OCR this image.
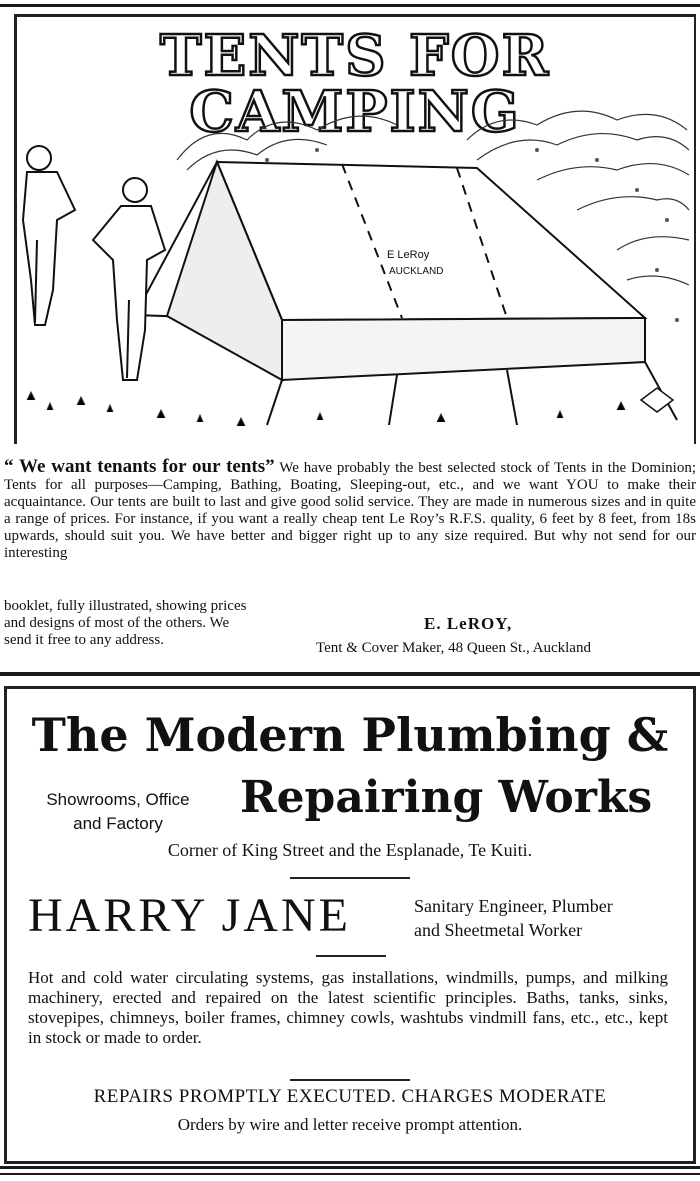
TENTS FOR CAMPING
E LeRoy
AUCKLAND

“ We want tenants for our tents” We have probably the best selected stock of Tents in the Dominion; Tents for all purposes—Camping, Bathing, Boating, Sleeping-out, etc., and we want YOU to make their acquaintance. Our tents are built to last and give good solid service. They are made in numerous sizes and in quite a range of prices. For instance, if you want a really cheap tent Le Roy’s R.F.S. quality, 6 feet by 8 feet, from 18s upwards, should suit you. We have better and bigger right up to any size required. But why not send for our interesting

booklet, fully illustrated, showing prices
and designs of most of the others. We
send it free to any address.
E. LeROY,
Tent & Cover Maker, 48 Queen St., Auckland
The Modern Plumbing &
Showrooms, Office
and Factory
Repairing Works
Corner of King Street and the Esplanade, Te Kuiti.
HARRY JANE	Sanitary Engineer, Plumber
and Sheetmetal Worker
Hot and cold water circulating systems, gas installations, windmills, pumps, and milking machinery, erected and repaired on the latest scientific principles. Baths, tanks, sinks, stovepipes, chimneys, boiler frames, chimney cowls, washtubs vindmill fans, etc., etc., kept in stock or made to order.
REPAIRS PROMPTLY EXECUTED. CHARGES MODERATE
Orders by wire and letter receive prompt attention.
